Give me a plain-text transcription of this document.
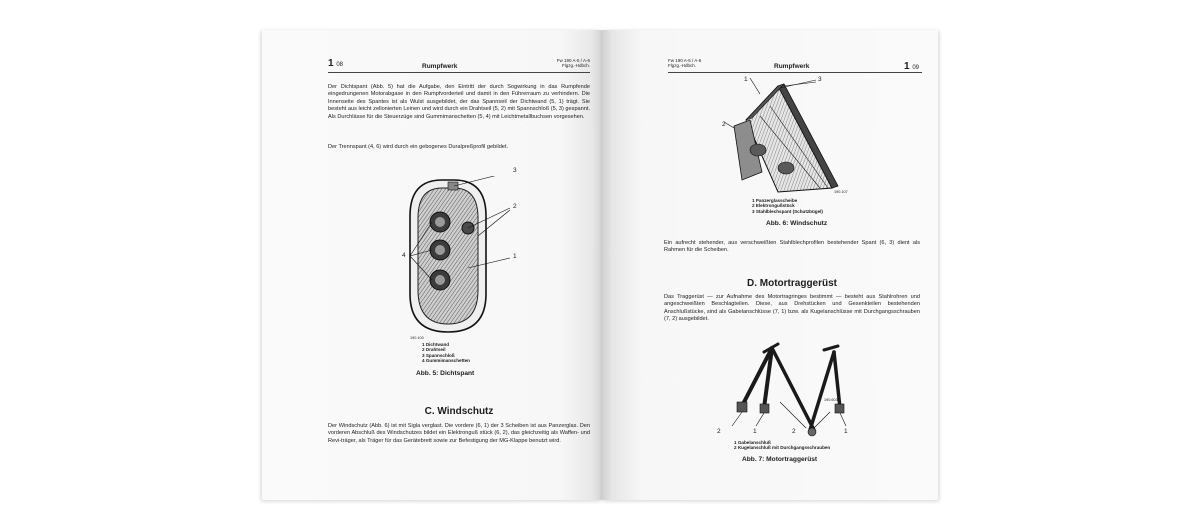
1 08	Rumpfwerk
Fw 190 A-5 / A-6
Flgzg.-Hdbch.
Der Dichtspant (Abb. 5) hat die Aufgabe, den Eintritt der durch Sogwirkung in das Rumpfende eingedrungenen Motorabgase in den Rumpfvorderteil und damit in den Führerraum zu verhindern. Die Innenseite des Spantes ist als Wulst ausgebildet, der das Spannseil der Dichtwand (5, 1) trägt. Sie besteht aus leicht zellonierten Leinen und wird durch ein Drahtseil (5, 2) mit Spannschloß (5, 3) gespannt. Als Durchlässe für die Steuerzüge sind Gummimanschetten (5, 4) mit Leichtmetallbuchsen vorgesehen.
Der Trennspant (4, 6) wird durch ein gebogenes Duralpreßprofil gebildet.
3
2
1
4
190.100
1 Dichtwand
2 Drahtseil
3 Spannschloß
4 Gummimanschetten
Abb. 5: Dichtspant
C. Windschutz
Der Windschutz (Abb. 6) ist mit Sigla verglast. Die vordere (6, 1) der 3 Scheiben ist aus Panzerglas. Den vorderen Abschluß des Windschutzes bildet ein Elektronguß stück (6, 2), das gleichzeitig als Waffen- und Revi-träger, als Träger für das Gerätebrett sowie zur Befestigung der MG-Klappe benutzt wird.
Fw 190 A-5 / A-6
Flgzg.-Hdbch.	Rumpfwerk	1 09
1	3
2
190.107
1 Panzerglasscheibe
2 Elektrongußstück
3 Stahlblechspant (Schutzbügel)
Abb. 6: Windschutz
Ein aufrecht stehender, aus verschweißten Stahlblechprofilen bestehender Spant (6, 3) dient als Rahmen für die Scheiben.
D. Motortraggerüst
Das Traggerüst — zur Aufnahme des Motortragringes bestimmt — besteht aus Stahlrohren und angeschweißten Beschlagteilen. Diese, aus Drehstücken und Gesenkteilen bestehenden Anschlußstücke, sind als Gabelanschlüsse (7, 1) bzw. als Kugelanschlüsse mit Durchgangsschrauben (7, 2) ausgebildet.
2	1	2	1
190.603
1 Gabelanschluß
2 Kugelanschluß mit Durchgangsschrauben
Abb. 7: Motortraggerüst
